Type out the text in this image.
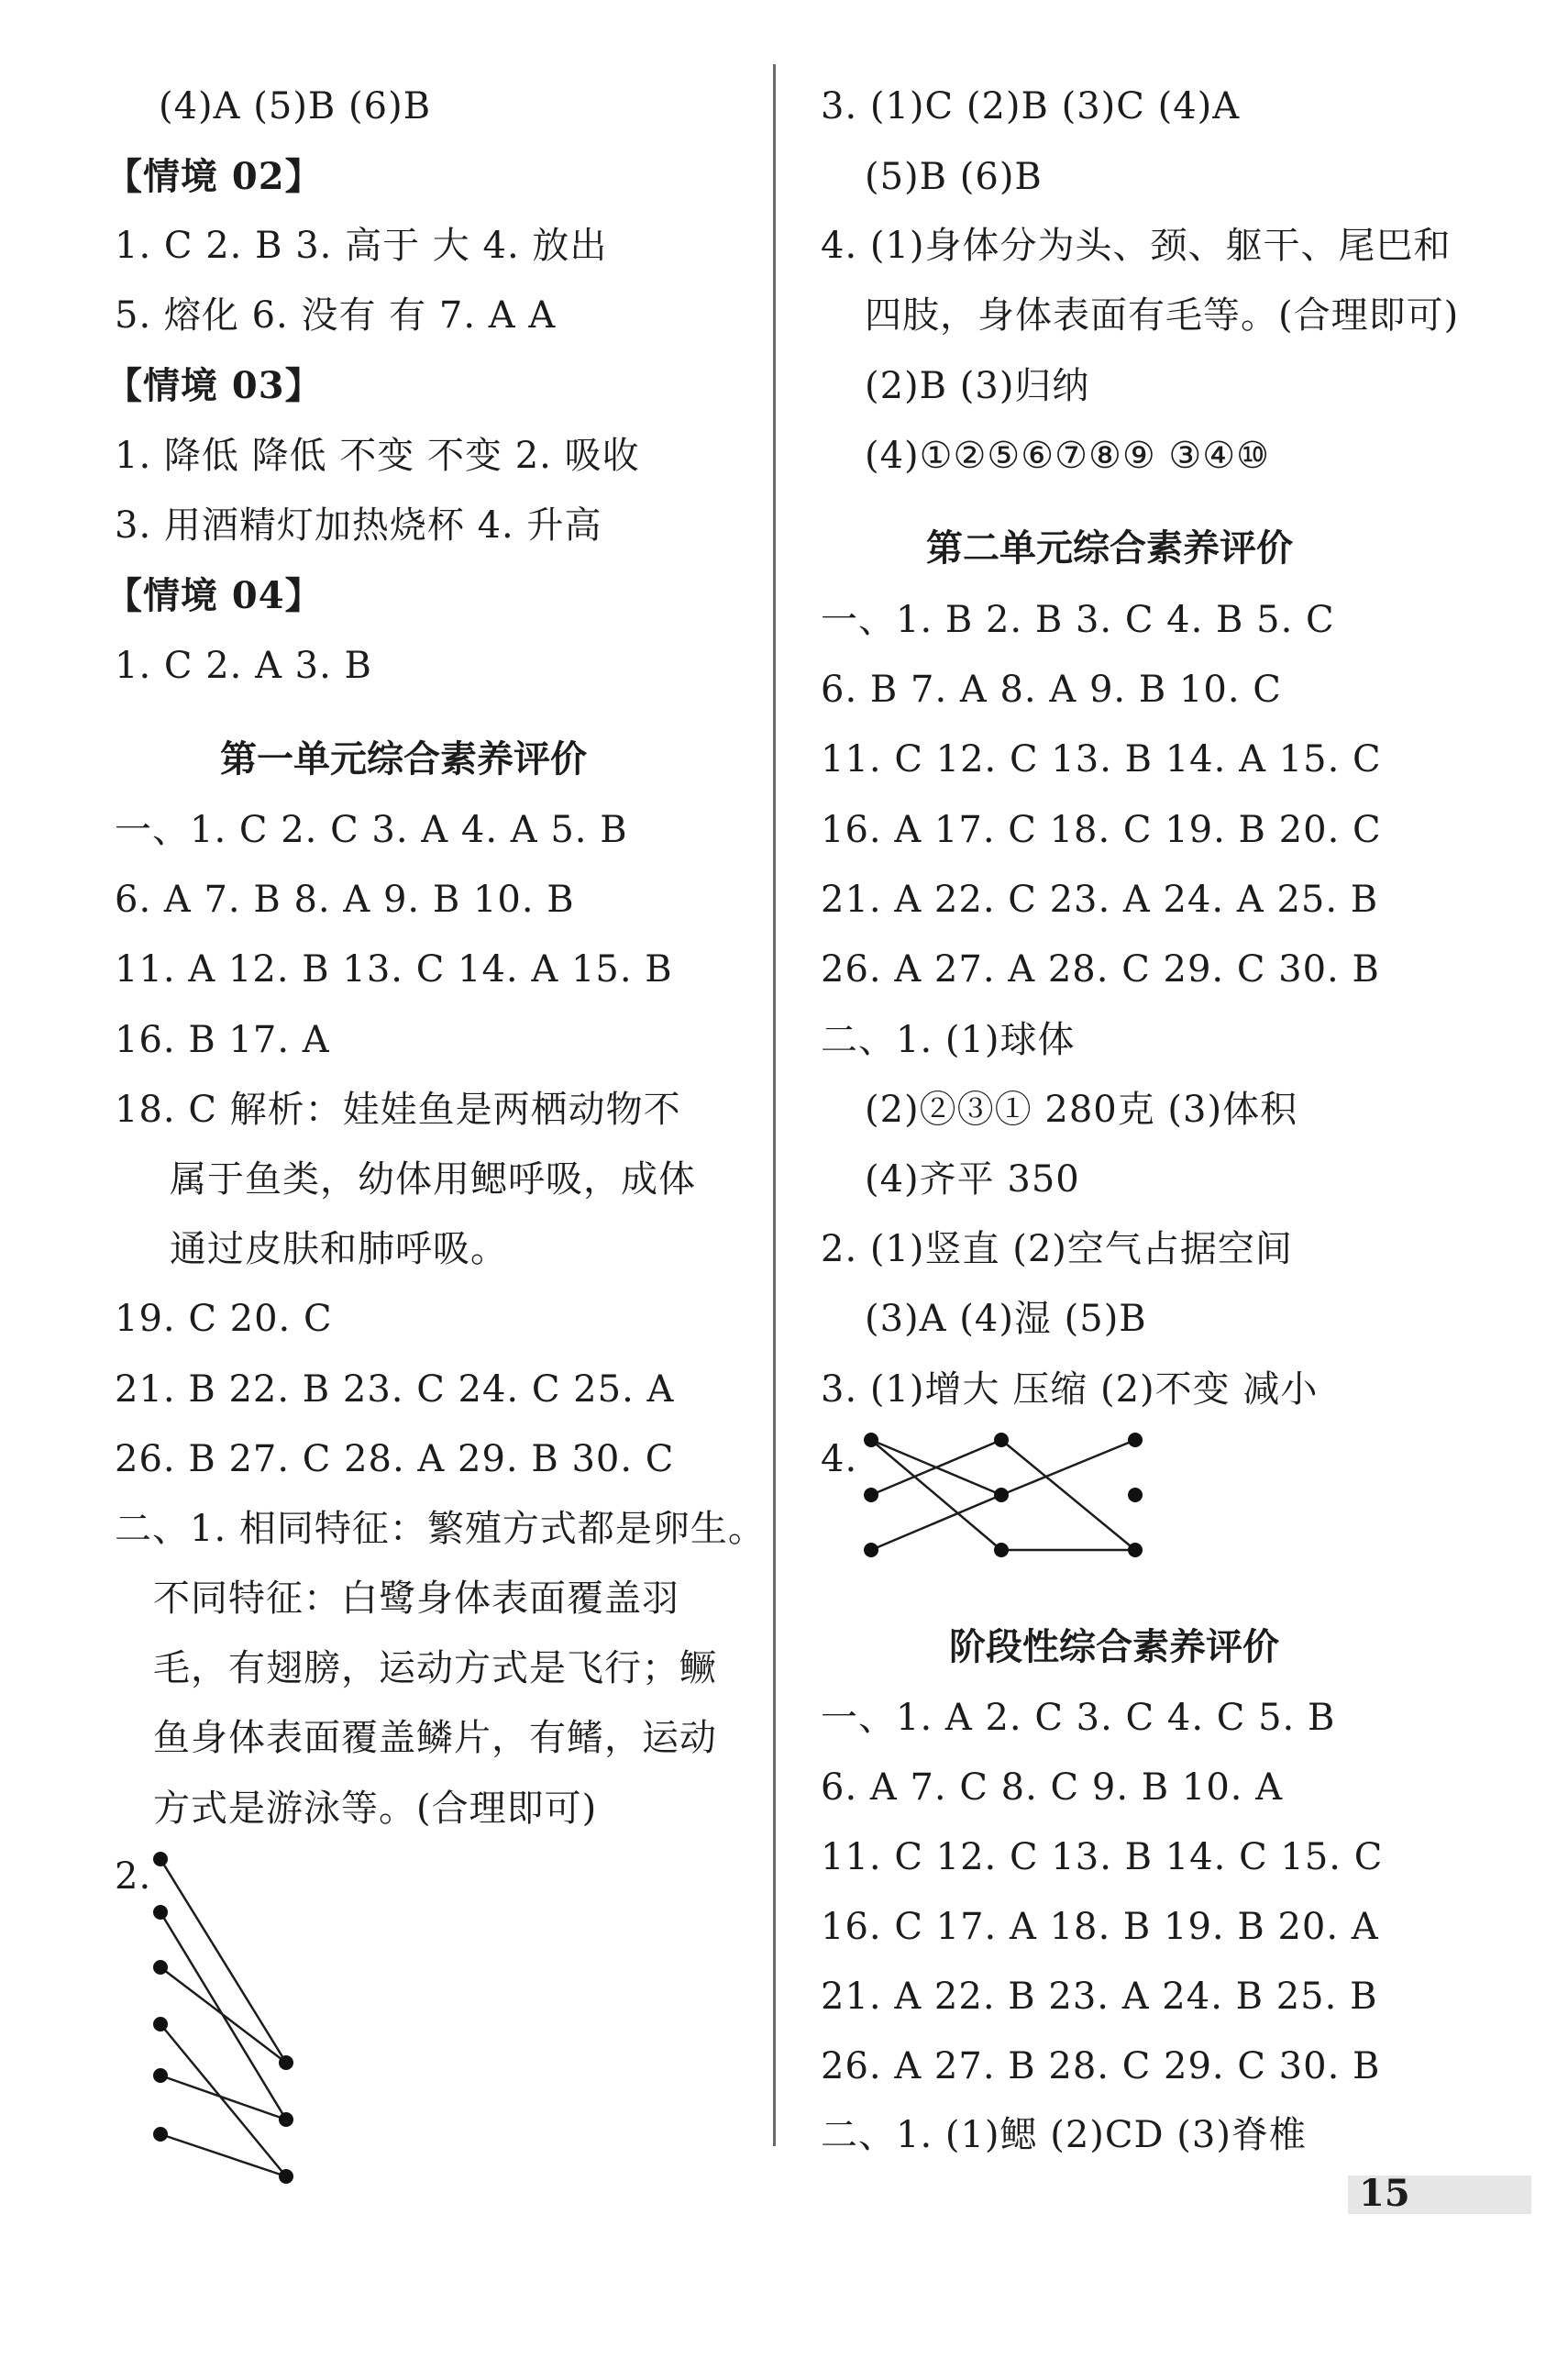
(4)A (5)B (6)B
【情境 02】
1. C 2. B 3. 高于 大 4. 放出
5. 熔化 6. 没有 有 7. A A
【情境 03】
1. 降低 降低 不变 不变 2. 吸收
3. 用酒精灯加热烧杯 4. 升高
【情境 04】
1. C 2. A 3. B
第一单元综合素养评价
一、1. C 2. C 3. A 4. A 5. B
6. A 7. B 8. A 9. B 10. B
11. A 12. B 13. C 14. A 15. B
16. B 17. A
18. C 解析：娃娃鱼是两栖动物不
属于鱼类，幼体用鳃呼吸，成体
通过皮肤和肺呼吸。
19. C 20. C
21. B 22. B 23. C 24. C 25. A
26. B 27. C 28. A 29. B 30. C
二、1. 相同特征：繁殖方式都是卵生。
不同特征：白鹭身体表面覆盖羽
毛，有翅膀，运动方式是飞行；鳜
鱼身体表面覆盖鳞片，有鳍，运动
方式是游泳等。(合理即可)
2.
3. (1)C (2)B (3)C (4)A
(5)B (6)B
4. (1)身体分为头、颈、躯干、尾巴和
四肢，身体表面有毛等。(合理即可)
(2)B (3)归纳
(4)①②⑤⑥⑦⑧⑨ ③④⑩
第二单元综合素养评价
一、1. B 2. B 3. C 4. B 5. C
6. B 7. A 8. A 9. B 10. C
11. C 12. C 13. B 14. A 15. C
16. A 17. C 18. C 19. B 20. C
21. A 22. C 23. A 24. A 25. B
26. A 27. A 28. C 29. C 30. B
二、1. (1)球体
(2)②③① 280克 (3)体积
(4)齐平 350
2. (1)竖直 (2)空气占据空间
(3)A (4)湿 (5)B
3. (1)增大 压缩 (2)不变 减小
4.
阶段性综合素养评价
一、1. A 2. C 3. C 4. C 5. B
6. A 7. C 8. C 9. B 10. A
11. C 12. C 13. B 14. C 15. C
16. C 17. A 18. B 19. B 20. A
21. A 22. B 23. A 24. B 25. B
26. A 27. B 28. C 29. C 30. B
二、1. (1)鳃 (2)CD (3)脊椎
15
